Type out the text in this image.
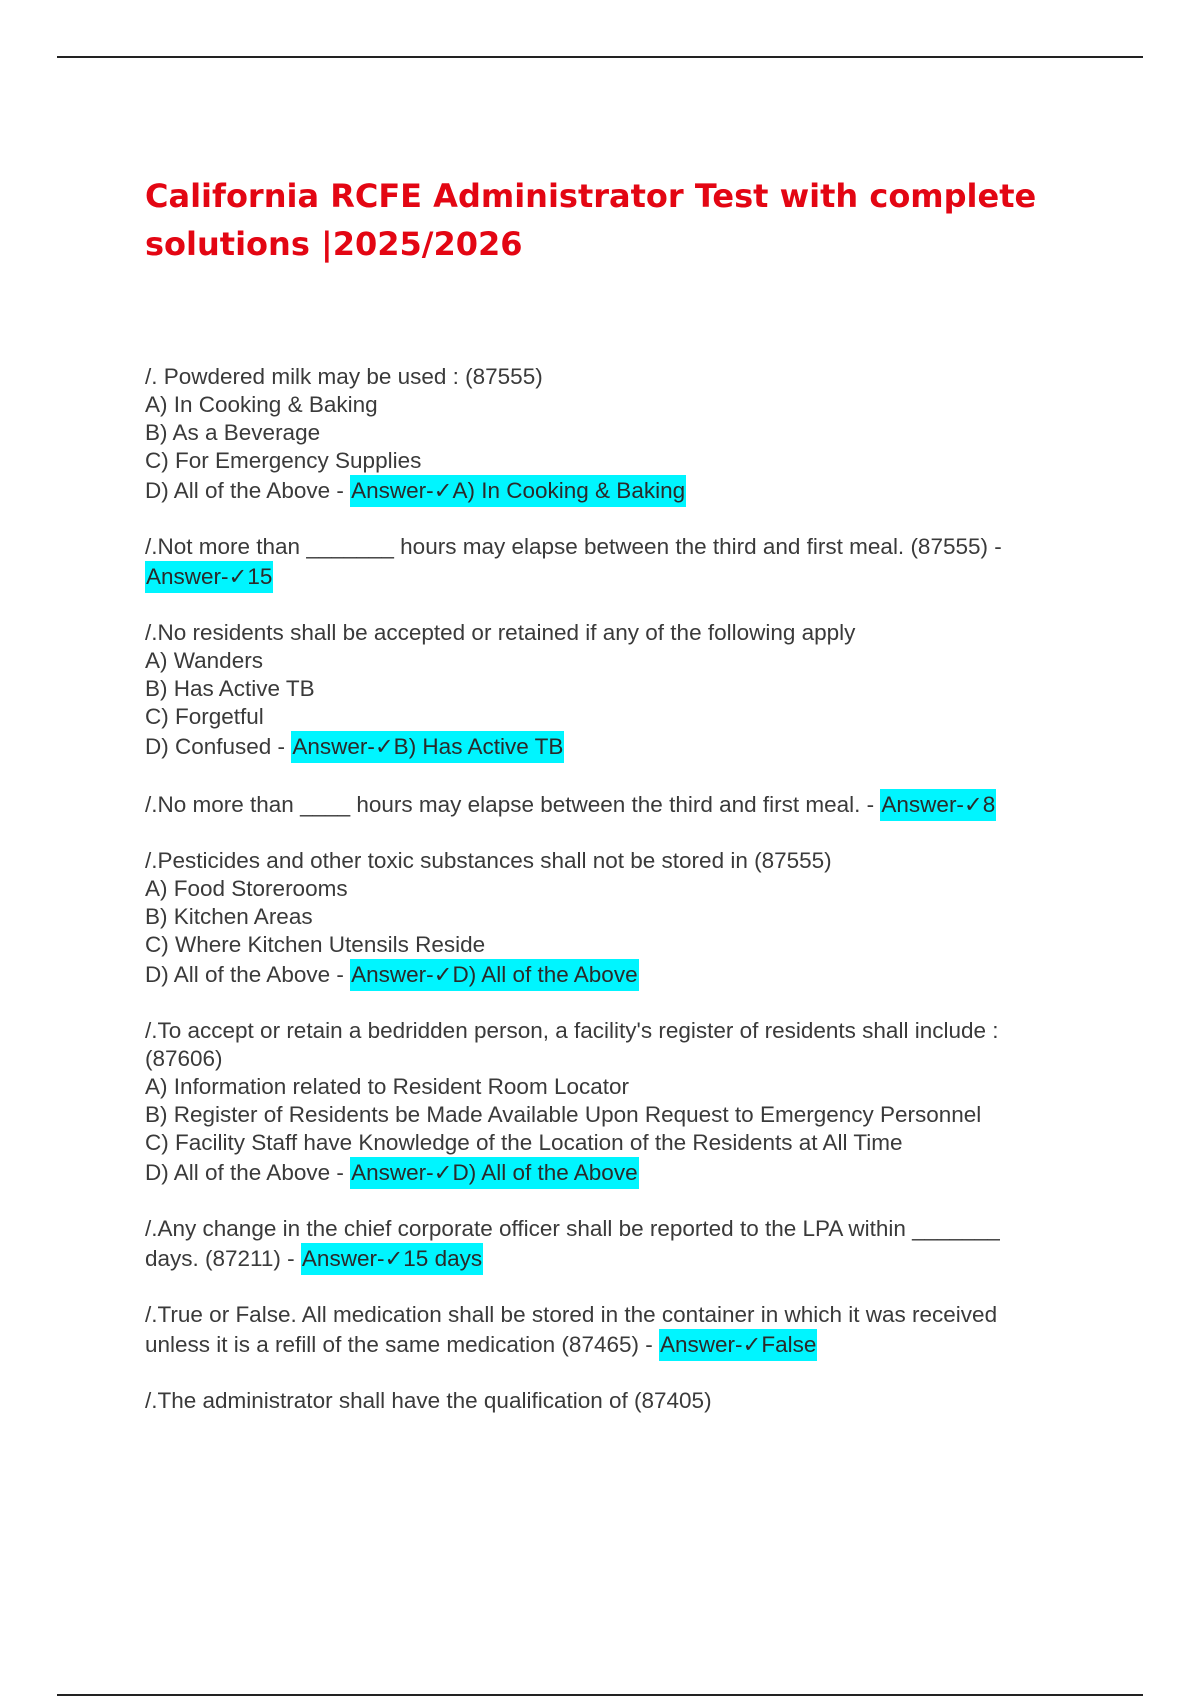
California RCFE Administrator Test with complete solutions |2025/2026
/. Powdered milk may be used : (87555)
A) In Cooking & Baking
B) As a Beverage
C) For Emergency Supplies
D) All of the Above - Answer-✓A) In Cooking & Baking
/.Not more than _______ hours may elapse between the third and first meal. (87555) -
Answer-✓15
/.No residents shall be accepted or retained if any of the following apply
A) Wanders
B) Has Active TB
C) Forgetful
D) Confused - Answer-✓B) Has Active TB
/.No more than ____ hours may elapse between the third and first meal. - Answer-✓8
/.Pesticides and other toxic substances shall not be stored in (87555)
A) Food Storerooms
B) Kitchen Areas
C) Where Kitchen Utensils Reside
D) All of the Above - Answer-✓D) All of the Above
/.To accept or retain a bedridden person, a facility's register of residents shall include :
(87606)
A) Information related to Resident Room Locator
B) Register of Residents be Made Available Upon Request to Emergency Personnel
C) Facility Staff have Knowledge of the Location of the Residents at All Time
D) All of the Above - Answer-✓D) All of the Above
/.Any change in the chief corporate officer shall be reported to the LPA within _______
days. (87211) - Answer-✓15 days
/.True or False. All medication shall be stored in the container in which it was received
unless it is a refill of the same medication (87465) - Answer-✓False
/.The administrator shall have the qualification of (87405)
